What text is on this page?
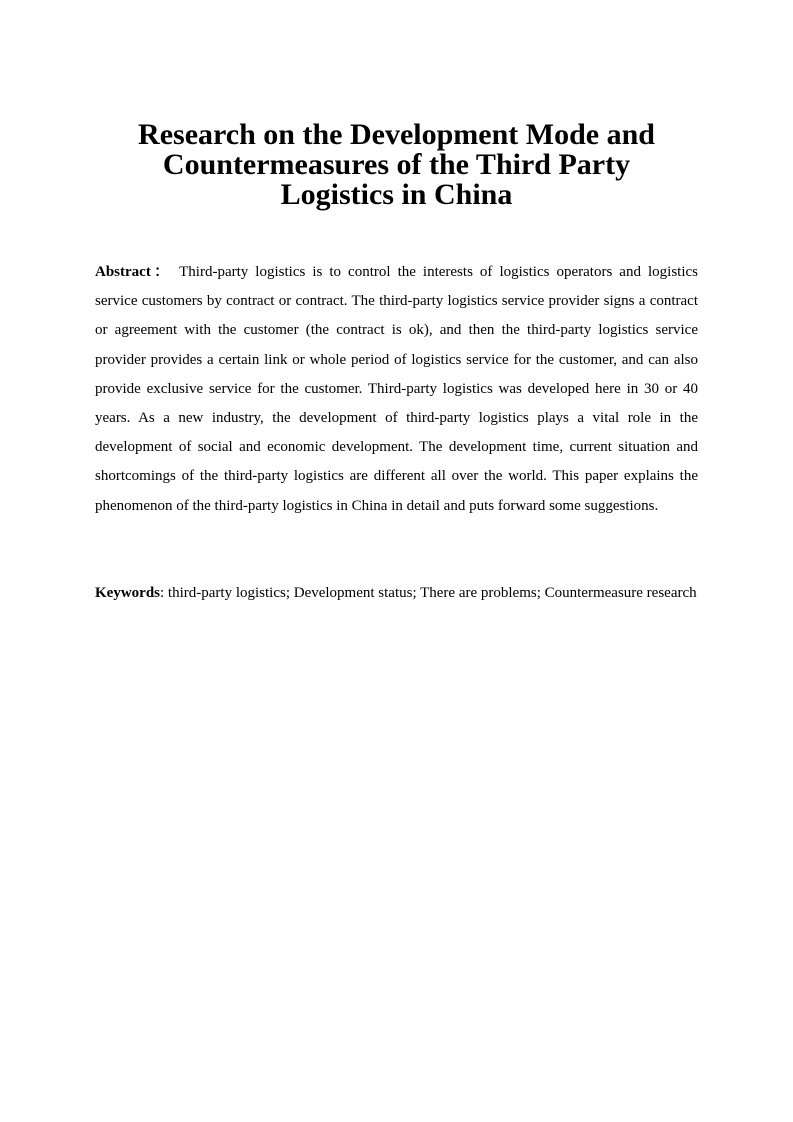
Research on the Development Mode and
Countermeasures of the Third Party
Logistics in China

Abstract： Third-party logistics is to control the interests of logistics operators and logistics service customers by contract or contract. The third-party logistics service provider signs a contract or agreement with the customer (the contract is ok), and then the third-party logistics service provider provides a certain link or whole period of logistics service for the customer, and can also provide exclusive service for the customer. Third-party logistics was developed here in 30 or 40 years. As a new industry, the development of third-party logistics plays a vital role in the development of social and economic development. The development time, current situation and shortcomings of the third-party logistics are different all over the world. This paper explains the phenomenon of the third-party logistics in China in detail and puts forward some suggestions.

Keywords: third-party logistics; Development status; There are problems; Countermeasure research
